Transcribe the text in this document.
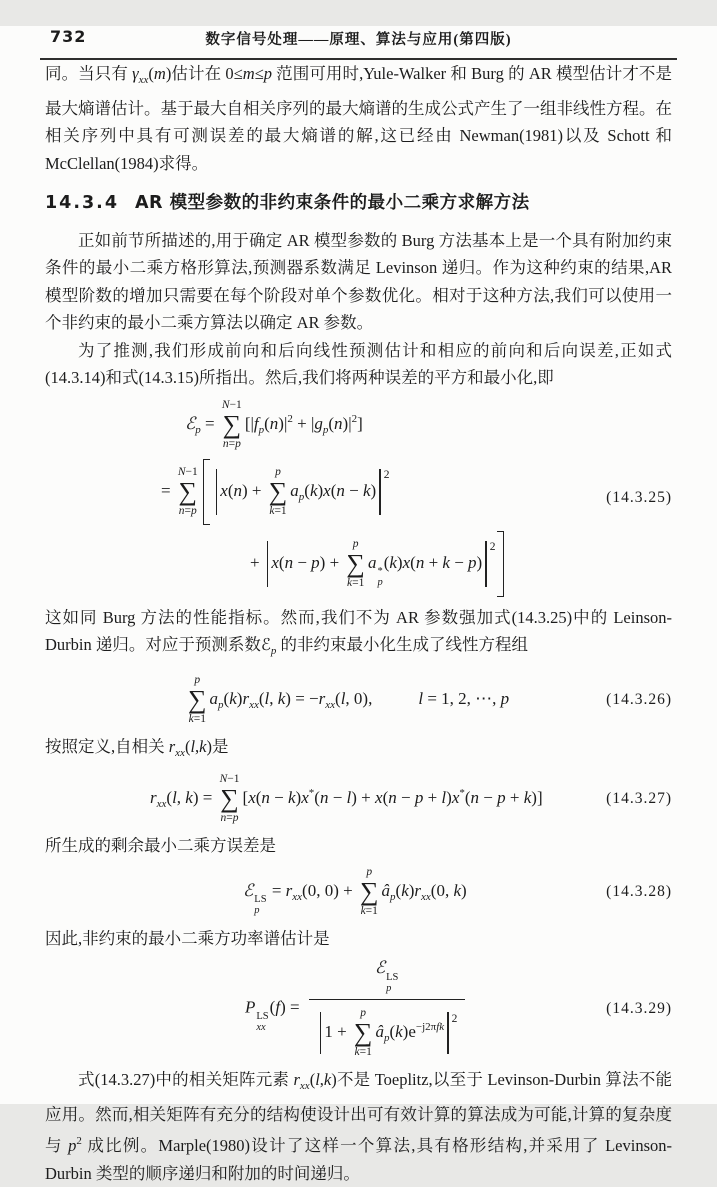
732	数字信号处理——原理、算法与应用(第四版)

同。当只有 $\gamma_{xx}(m)$估计在 0≤m≤p 范围可用时,Yule-Walker 和 Burg 的 AR 模型估计才不是最大熵谱估计。基于最大自相关序列的最大熵谱的生成公式产生了一组非线性方程。在相关序列中具有可测误差的最大熵谱的解,这已经由 Newman(1981)以及 Schott 和 McClellan(1984)求得。

14.3.4 AR 模型参数的非约束条件的最小二乘方求解方法

正如前节所描述的,用于确定 AR 模型参数的 Burg 方法基本上是一个具有附加约束条件的最小二乘方格形算法,预测器系数满足 Levinson 递归。作为这种约束的结果,AR 模型阶数的增加只需要在每个阶段对单个参数优化。相对于这种方法,我们可以使用一个非约束的最小二乘方算法以确定 AR 参数。

为了推测,我们形成前向和后向线性预测估计和相应的前向和后向误差,正如式(14.3.14)和式(14.3.15)所指出。然后,我们将两种误差的平方和最小化,即

ℰ$_p$ =
N−1
∑
n=p
$[|f_p(n)|^2 + |g_p(n)|^2]$
=
N−1
∑
n=p
x(n) +
p
∑
k=1
$a_p(k)x(n - k)^2$
+ x(n − p) +
p
∑
k=1
a
*
p
$(k)x(n + k - p)^2$
(14.3.25)

这如同 Burg 方法的性能指标。然而,我们不为 AR 参数强加式(14.3.25)中的 Leinson-Durbin 递归。对应于预测系数ℰ$_p$ 的非约束最小化生成了线性方程组

p
∑
k=1
$a_p(k)r_{xx}(l$, $k) = -r_{xx}(l$, 0),	l = 1, 2, ⋯, p	(14.3.26)

按照定义,自相关 $r_{xx}(l,k)$是

$r_{xx}(l$, k) =
N−1
∑
n=p
[x(n − k)x*(n − l) + x(n − p + l)x*(n − p + k)]	(14.3.27)

所生成的剩余最小二乘方误差是

ℰ
LS
p
= $r_{xx}(0$, 0) +
p
∑
k=1
$â_p(k)r_{xx}(0$, k)	(14.3.28)

因此,非约束的最小二乘方功率谱估计是

P
LS
xx
(f) = ℰ
LS
p
1 +
p
∑
k=1
$â_p(k)e^{-j2\pi fk2}$	(14.3.29)

式(14.3.27)中的相关矩阵元素 $r_{xx}(l,k)$不是 Toeplitz,以至于 Levinson-Durbin 算法不能应用。然而,相关矩阵有充分的结构使设计出可有效计算的算法成为可能,计算的复杂度与 $p^2$ 成比例。Marple(1980)设计了这样一个算法,具有格形结构,并采用了 Levinson-Durbin 类型的顺序递归和附加的时间递归。
